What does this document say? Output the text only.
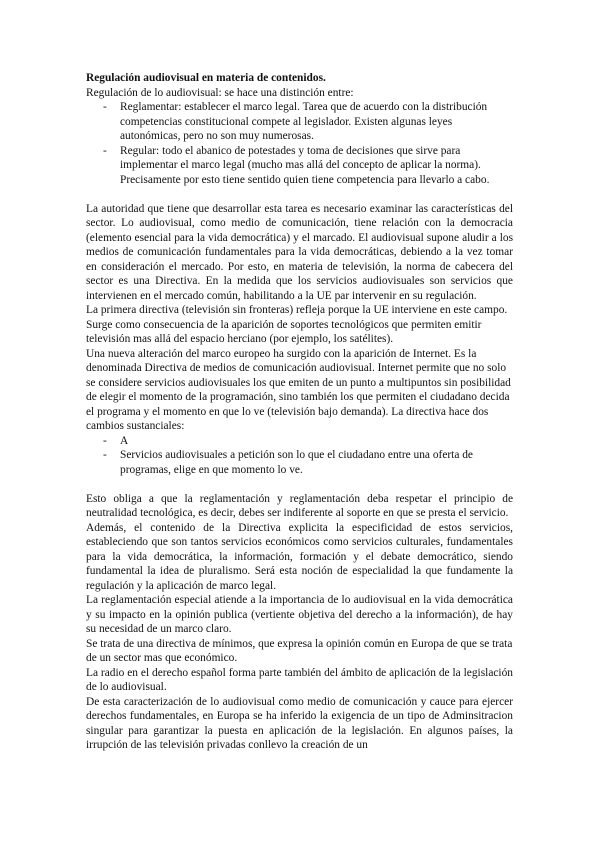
Regulación audiovisual en materia de contenidos.

Regulación de lo audiovisual: se hace una distinción entre:

- Reglamentar: establecer el marco legal. Tarea que de acuerdo con la distribución competencias constitucional compete al legislador. Existen algunas leyes autonómicas, pero no son muy numerosas.
- Regular: todo el abanico de potestades y toma de decisiones que sirve para implementar el marco legal (mucho mas allá del concepto de aplicar la norma). Precisamente por esto tiene sentido quien tiene competencia para llevarlo a cabo.

La autoridad que tiene que desarrollar esta tarea es necesario examinar las características del sector. Lo audiovisual, como medio de comunicación, tiene relación con la democracia (elemento esencial para la vida democrática) y el marcado. El audiovisual supone aludir a los medios de comunicación fundamentales para la vida democráticas, debiendo a la vez tomar en consideración el mercado. Por esto, en materia de televisión, la norma de cabecera del sector es una Directiva. En la medida que los servicios audiovisuales son servicios que intervienen en el mercado común, habilitando a la UE par intervenir en su regulación.

La primera directiva (televisión sin fronteras) refleja porque la UE interviene en este campo. Surge como consecuencia de la aparición de soportes tecnológicos que permiten emitir televisión mas allá del espacio herciano (por ejemplo, los satélites).

Una nueva alteración del marco europeo ha surgido con la aparición de Internet. Es la denominada Directiva de medios de comunicación audiovisual. Internet permite que no solo se considere servicios audiovisuales los que emiten de un punto a multipuntos sin posibilidad de elegir el momento de la programación, sino también los que permiten el ciudadano decida el programa y el momento en que lo ve (televisión bajo demanda). La directiva hace dos cambios sustanciales:

- A
- Servicios audiovisuales a petición son lo que el ciudadano entre una oferta de programas, elige en que momento lo ve.

Esto obliga a que la reglamentación y reglamentación deba respetar el principio de neutralidad tecnológica, es decir, debes ser indiferente al soporte en que se presta el servicio.

Además, el contenido de la Directiva explicita la especificidad de estos servicios, estableciendo que son tantos servicios económicos como servicios culturales, fundamentales para la vida democrática, la información, formación y el debate democrático, siendo fundamental la idea de pluralismo. Será esta noción de especialidad la que fundamente la regulación y la aplicación de marco legal.

La reglamentación especial atiende a la importancia de lo audiovisual en la vida democrática y su impacto en la opinión publica (vertiente objetiva del derecho a la información), de hay su necesidad de un marco claro.

Se trata de una directiva de mínimos, que expresa la opinión común en Europa de que se trata de un sector mas que económico.

La radio en el derecho español forma parte también del ámbito de aplicación de la legislación de lo audiovisual.

De esta caracterización de lo audiovisual como medio de comunicación y cauce para ejercer derechos fundamentales, en Europa se ha inferido la exigencia de un tipo de Adminsitracion singular para garantizar la puesta en aplicación de la legislación. En algunos países, la irrupción de las televisión privadas conllevo la creación de un
